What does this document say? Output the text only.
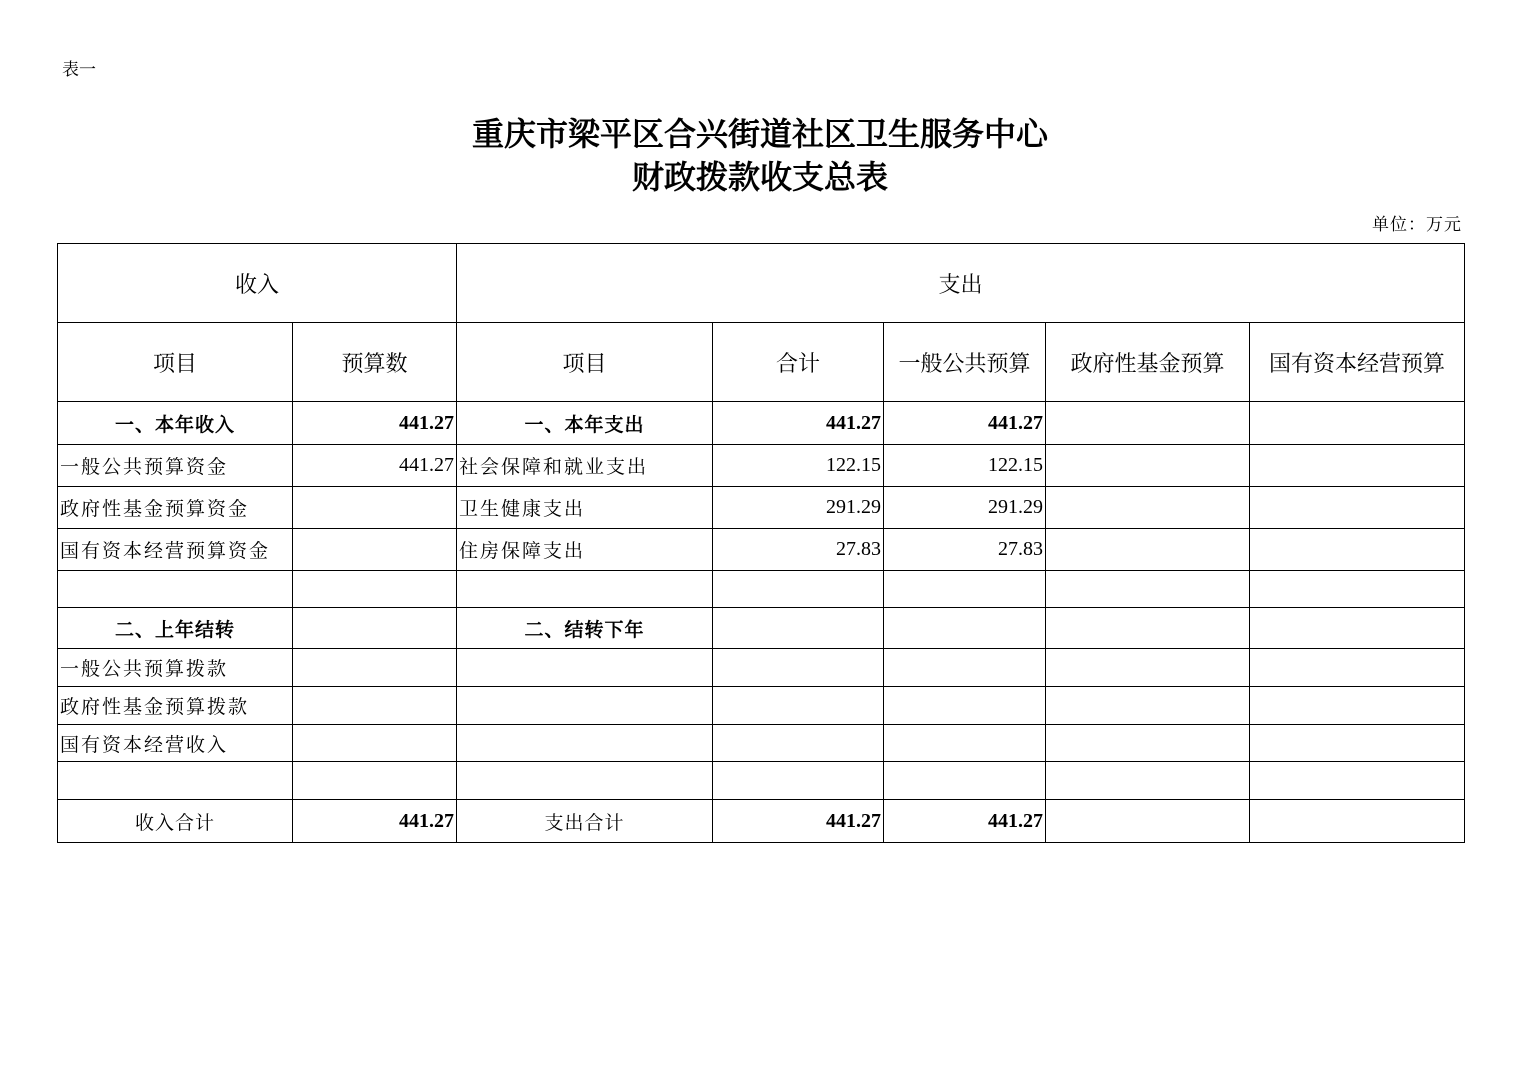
表一
重庆市梁平区合兴街道社区卫生服务中心
财政拨款收支总表
单位：万元
收入		支出				
项目	预算数	项目	合计	一般公共预算	政府性基金预算	国有资本经营预算
一、本年收入	441.27	一、本年支出	441.27	441.27		
一般公共预算资金	441.27	社会保障和就业支出	122.15	122.15		
政府性基金预算资金		卫生健康支出	291.29	291.29		
国有资本经营预算资金		住房保障支出	27.83	27.83		

二、上年结转		二、结转下年				
一般公共预算拨款						
政府性基金预算拨款						
国有资本经营收入						

收入合计	441.27	支出合计	441.27	441.27		
